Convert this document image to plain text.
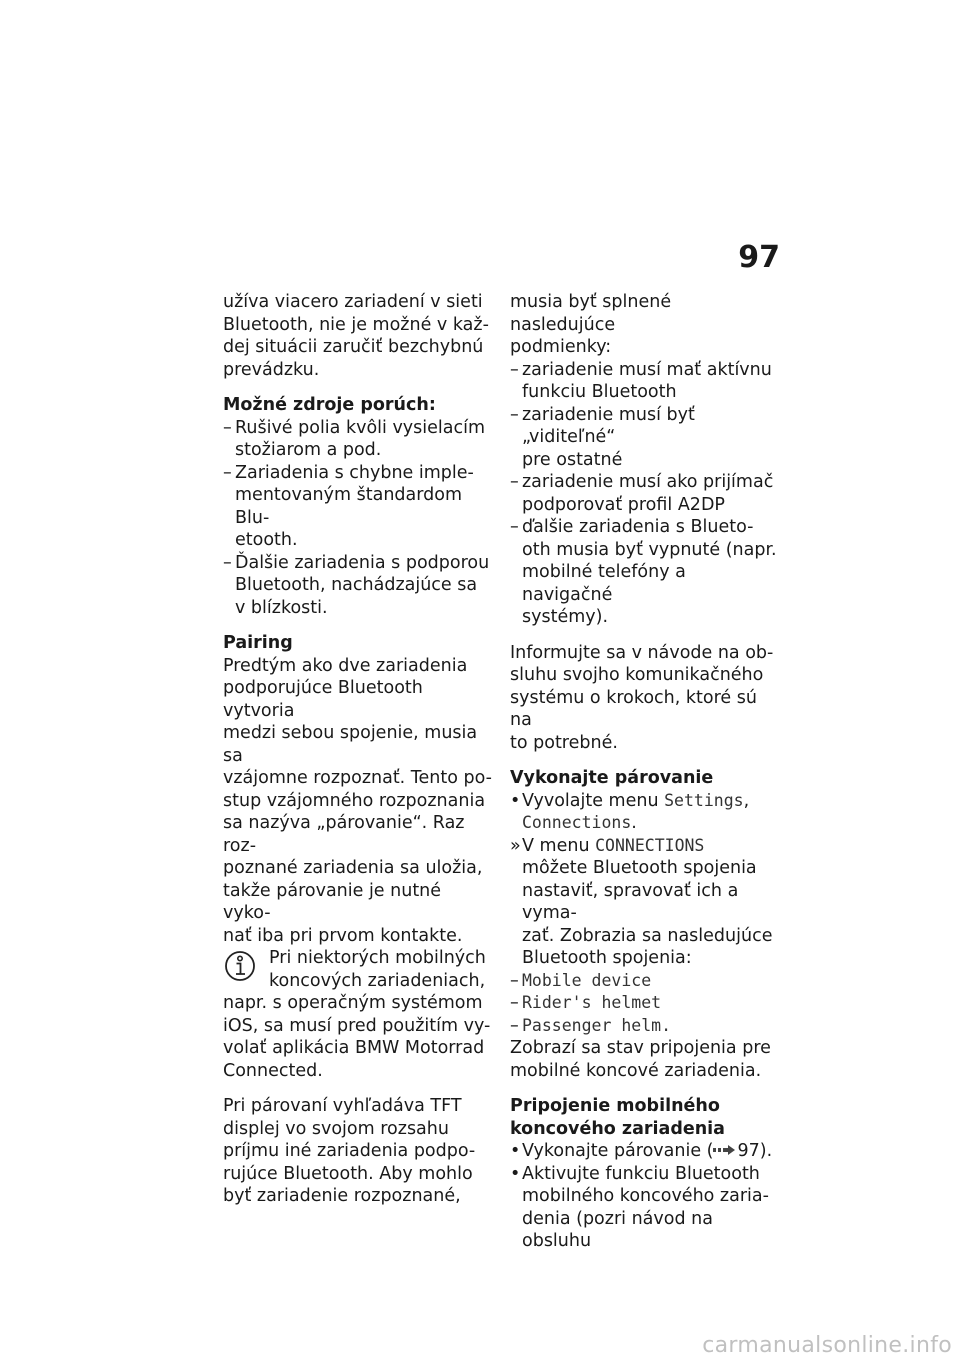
97

užíva viacero zariadení v sieti
Bluetooth, nie je možné v kaž-
dej situácii zaručiť bezchybnú
prevádzku.

Možné zdroje porúch:

– Rušivé polia kvôli vysielacím
stožiarom a pod.
– Zariadenia s chybne imple-
mentovaným štandardom Blu-
etooth.
– Ďalšie zariadenia s podporou
Bluetooth, nachádzajúce sa
v blízkosti.

Pairing

Predtým ako dve zariadenia
podporujúce Bluetooth vytvoria
medzi sebou spojenie, musia sa
vzájomne rozpoznať. Tento po-
stup vzájomného rozpoznania
sa nazýva „párovanie“. Raz roz-
poznané zariadenia sa uložia,
takže párovanie je nutné vyko-
nať iba pri prvom kontakte.

Pri niektorých mobilných
koncových zariadeniach,
napr. s operačným systémom
iOS, sa musí pred použitím vy-
volať aplikácia BMW Motorrad
Connected.

Pri párovaní vyhľadáva TFT
displej vo svojom rozsahu
príjmu iné zariadenia podpo-
rujúce Bluetooth. Aby mohlo
byť zariadenie rozpoznané,

musia byť splnené nasledujúce
podmienky:

– zariadenie musí mať aktívnu
funkciu Bluetooth
– zariadenie musí byť „viditeľné“
pre ostatné
– zariadenie musí ako prijímač
podporovať profil A2DP
– ďalšie zariadenia s Blueto-
oth musia byť vypnuté (napr.
mobilné telefóny a navigačné
systémy).

Informujte sa v návode na ob-
sluhu svojho komunikačného
systému o krokoch, ktoré sú na
to potrebné.

Vykonajte párovanie

• Vyvolajte menu Settings,
Connections.
» V menu CONNECTIONS
môžete Bluetooth spojenia
nastaviť, spravovať ich a vyma-
zať. Zobrazia sa nasledujúce
Bluetooth spojenia:
– Mobile device
– Rider's helmet
– Passenger helm.

Zobrazí sa stav pripojenia pre
mobilné koncové zariadenia.

Pripojenie mobilného
koncového zariadenia

• Vykonajte párovanie ( 97).
• Aktivujte funkciu Bluetooth
mobilného koncového zaria-
denia (pozri návod na obsluhu
carmanualsonline.info
